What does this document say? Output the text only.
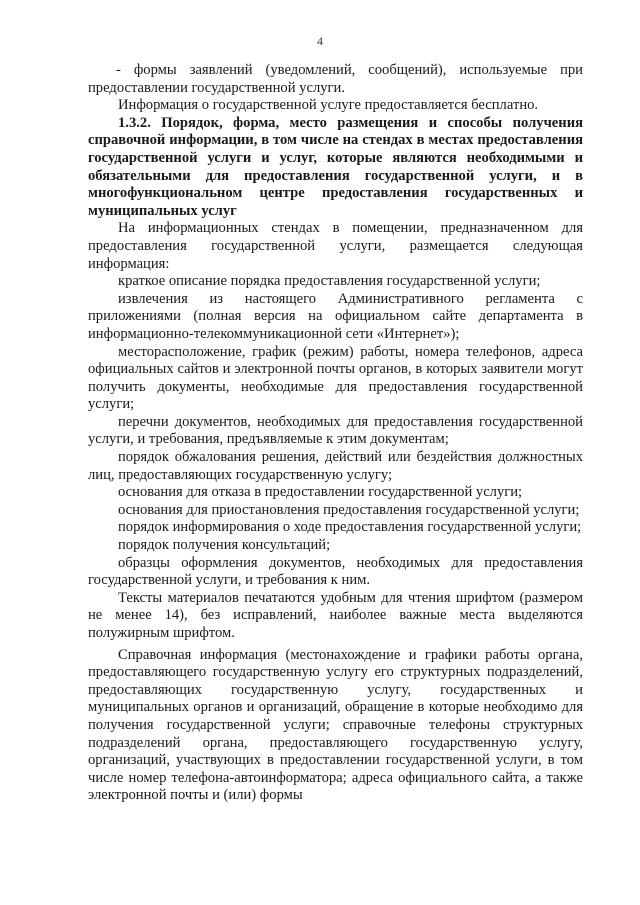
4

- формы заявлений (уведомлений, сообщений), используемые при предоставлении государственной услуги.

Информация о государственной услуге предоставляется бесплатно.

1.3.2. Порядок, форма, место размещения и способы получения справочной информации, в том числе на стендах в местах предоставления государственной услуги и услуг, которые являются необходимыми и обязательными для предоставления государственной услуги, и в многофункциональном центре предоставления государственных и муниципальных услуг

На информационных стендах в помещении, предназначенном для предоставления государственной услуги, размещается следующая информация:

краткое описание порядка предоставления государственной услуги;

извлечения из настоящего Административного регламента с приложениями (полная версия на официальном сайте департамента в информационно-телекоммуникационной сети «Интернет»);

месторасположение, график (режим) работы, номера телефонов, адреса официальных сайтов и электронной почты органов, в которых заявители могут получить документы, необходимые для предоставления государственной услуги;

перечни документов, необходимых для предоставления государственной услуги, и требования, предъявляемые к этим документам;

порядок обжалования решения, действий или бездействия должностных лиц, предоставляющих государственную услугу;

основания для отказа в предоставлении государственной услуги;

основания для приостановления предоставления государственной услуги;

порядок информирования о ходе предоставления государственной услуги;

порядок получения консультаций;

образцы оформления документов, необходимых для предоставления государственной услуги, и требования к ним.

Тексты материалов печатаются удобным для чтения шрифтом (размером не менее 14), без исправлений, наиболее важные места выделяются полужирным шрифтом.

Справочная информация (местонахождение и графики работы органа, предоставляющего государственную услугу его структурных подразделений, предоставляющих государственную услугу, государственных и муниципальных органов и организаций, обращение в которые необходимо для получения государственной услуги; справочные телефоны структурных подразделений органа, предоставляющего государственную услугу, организаций, участвующих в предоставлении государственной услуги, в том числе номер телефона-автоинформатора; адреса официального сайта, а также электронной почты и (или) формы
